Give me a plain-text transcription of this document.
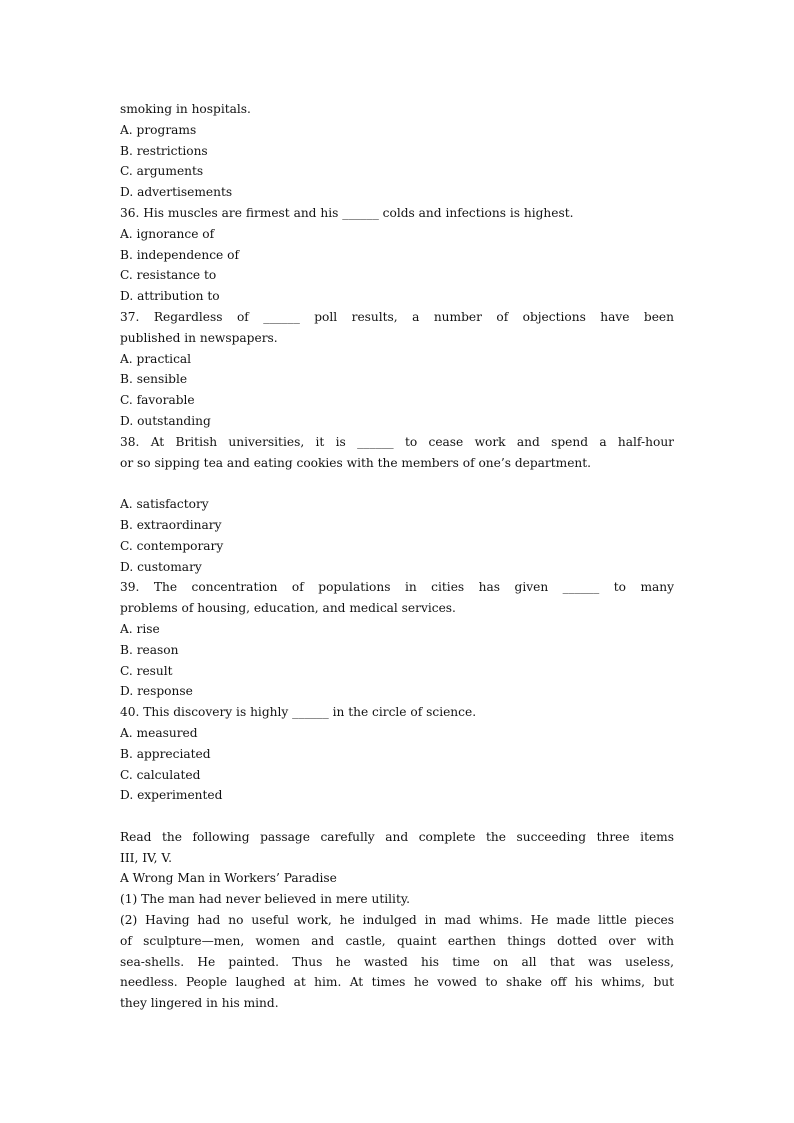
smoking in hospitals.
A. programs
B. restrictions
C. arguments
D. advertisements
36. His muscles are firmest and his ______ colds and infections is highest.
A. ignorance of
B. independence of
C. resistance to
D. attribution to
37. Regardless of ______ poll results, a number of objections have been
published in newspapers.
A. practical
B. sensible
C. favorable
D. outstanding
38. At British universities, it is ______ to cease work and spend a half-hour
or so sipping tea and eating cookies with the members of one’s department.
A. satisfactory
B. extraordinary
C. contemporary
D. customary
39. The concentration of populations in cities has given ______ to many
problems of housing, education, and medical services.
A. rise
B. reason
C. result
D. response
40. This discovery is highly ______ in the circle of science.
A. measured
B. appreciated
C. calculated
D. experimented
Read the following passage carefully and complete the succeeding three items
III, IV, V.
A Wrong Man in Workers’ Paradise
(1) The man had never believed in mere utility.
(2) Having had no useful work, he indulged in mad whims. He made little pieces
of sculpture—men, women and castle, quaint earthen things dotted over with
sea-shells. He painted. Thus he wasted his time on all that was useless,
needless. People laughed at him. At times he vowed to shake off his whims, but
they lingered in his mind.
